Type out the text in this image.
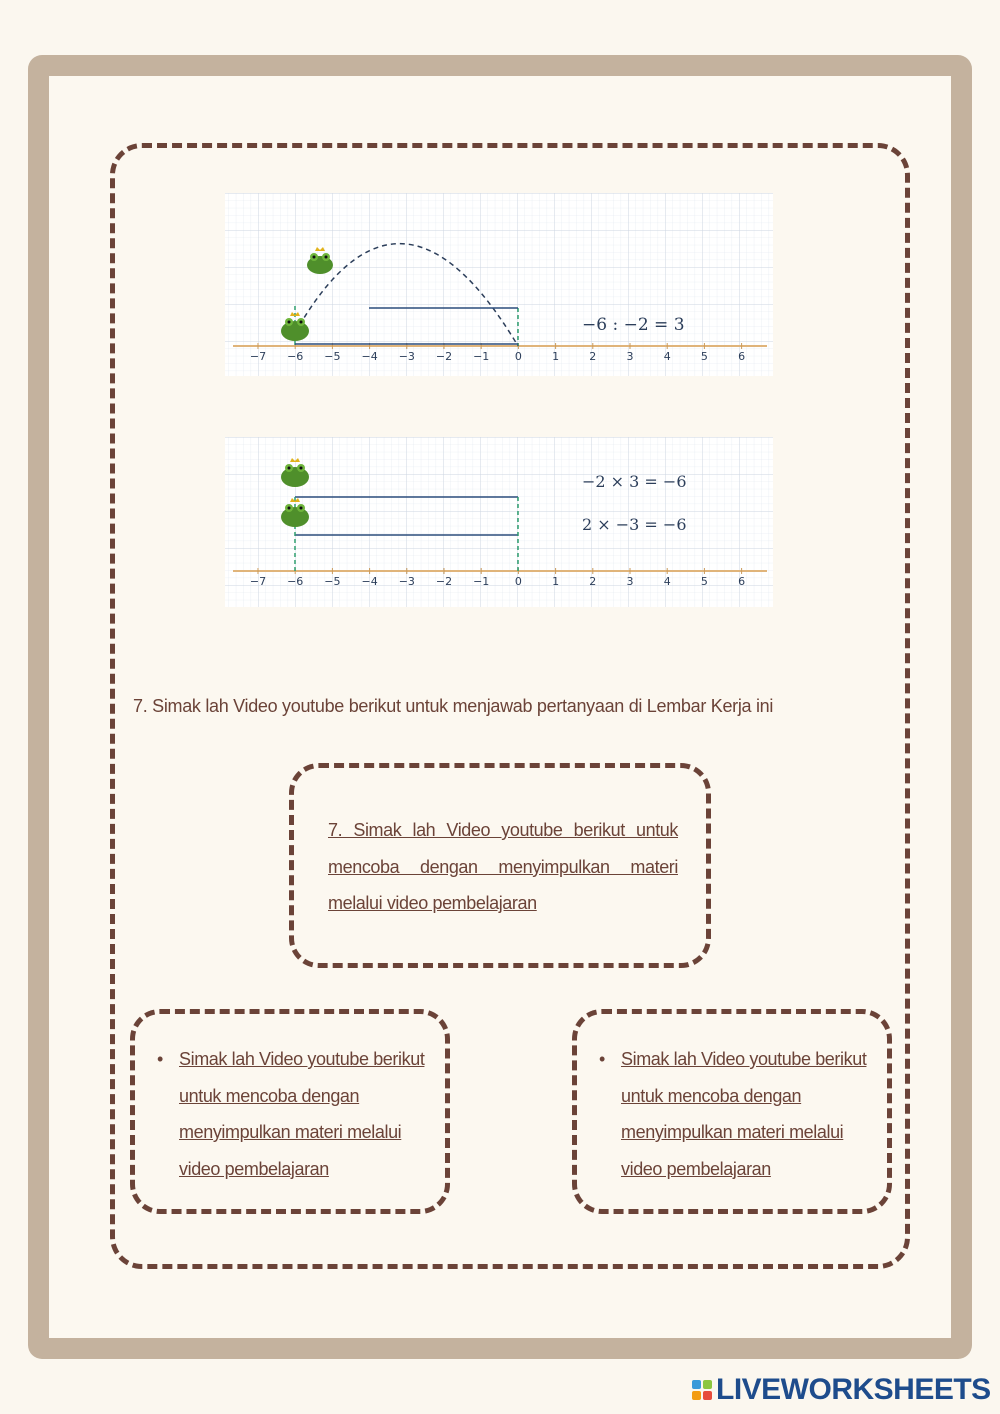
−7 −6 −5 −4 −3 −2 −1 0	1	2	3	4	5	6
−6 : −2 = 3
−7 −6 −5 −4 −3 −2 −1 0	1	2	3	4	5	6
−2 × 3 = −6
2 × −3 = −6
7. Simak lah Video youtube berikut untuk menjawab pertanyaan di Lembar Kerja ini
7. Simak lah Video youtube berikut untuk mencoba dengan menyimpulkan materi melalui video pembelajaran
• Simak lah Video youtube berikut untuk mencoba dengan menyimpulkan materi melalui video pembelajaran
• Simak lah Video youtube berikut untuk mencoba dengan menyimpulkan materi melalui video pembelajaran
LIVEWORKSHEETS
